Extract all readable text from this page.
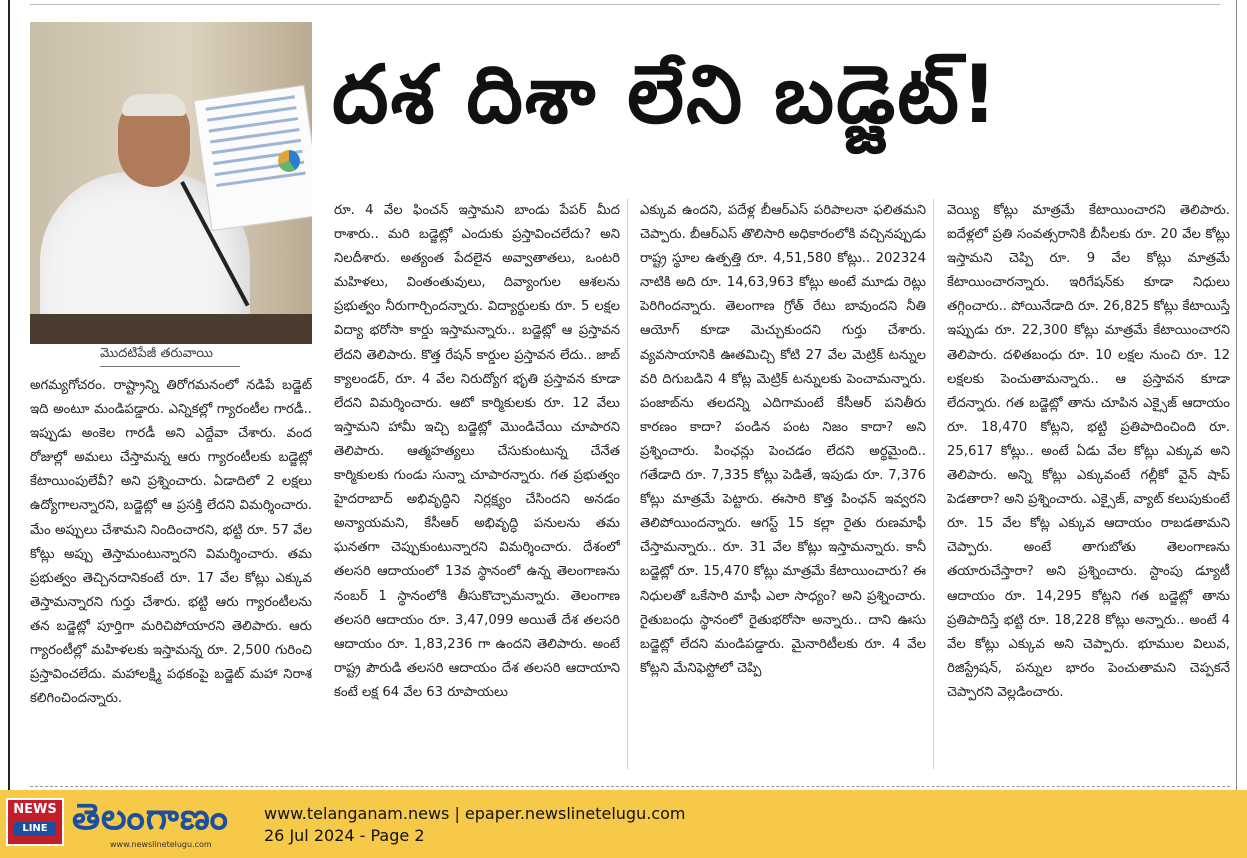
మొదటిపేజీ తరువాయి
దశ దిశా లేని బడ్జెట్!

అగమ్యగోచరం. రాష్ట్రాన్ని తిరోగమనంలో నడిపే బడ్జెట్ ఇది అంటూ మండిపడ్డారు. ఎన్నికల్లో గ్యారంటీల గారడీ.. ఇప్పుడు అంకెల గారడీ అని ఎద్దేవా చేశారు. వంద రోజుల్లో అమలు చేస్తామన్న ఆరు గ్యారంటీలకు బడ్జెట్లో కేటాయింపులేవీ? అని ప్రశ్నించారు. ఏడాదిలో 2 లక్షలు ఉద్యోగాలన్నారని, బడ్జెట్లో ఆ ప్రసక్తి లేదని విమర్శించారు. మేం అప్పులు చేశామని నిందించారని, భట్టి రూ. 57 వేల కోట్లు అప్పు తెస్తామంటున్నారని విమర్శించారు. తమ ప్రభుత్వం తెచ్చినదానికంటే రూ. 17 వేల కోట్లు ఎక్కువ తెస్తామన్నారని గుర్తు చేశారు. భట్టి ఆరు గ్యారంటీలను తన బడ్జెట్లో పూర్తిగా మరిచిపోయారని తెలిపారు. ఆరు గ్యారంటీల్లో మహిళలకు ఇస్తామన్న రూ. 2,500 గురించి ప్రస్తావించలేదు. మహాలక్ష్మి పథకంపై బడ్జెట్ మహా నిరాశ కలిగించిందన్నారు.

రూ. 4 వేల ఫించన్ ఇస్తామని బాండు పేపర్ మీద రాశారు.. మరి బడ్జెట్లో ఎందుకు ప్రస్తావించలేదు? అని నిలదీశారు. అత్యంత పేదలైన అవ్వాతాతలు, ఒంటరి మహిళలు, వింతంతువులు, దివ్యాంగుల ఆశలను ప్రభుత్వం నీరుగార్చిందన్నారు. విద్యార్థులకు రూ. 5 లక్షల విద్యా భరోసా కార్డు ఇస్తామన్నారు.. బడ్జెట్లో ఆ ప్రస్తావన లేదని తెలిపారు. కొత్త రేషన్ కార్డుల ప్రస్తావన లేదు.. జాబ్ క్యాలండర్, రూ. 4 వేల నిరుద్యోగ భృతి ప్రస్తావన కూడా లేదని విమర్శించారు. ఆటో కార్మికులకు రూ. 12 వేలు ఇస్తామని హామీ ఇచ్చి బడ్జెట్లో మొండిచేయి చూపారని తెలిపారు. ఆత్మహత్యలు చేసుకుంటున్న చేనేత కార్మికులకు గుండు సున్నా చూపారన్నారు. గత ప్రభుత్వం హైదరాబాద్ అభివృద్ధిని నిర్లక్ష్యం చేసిందని అనడం అన్యాయమని, కేసీఆర్ అభివృద్ధి పనులను తమ ఘనతగా చెప్పుకుంటున్నారని విమర్శించారు. దేశంలో తలసరి ఆదాయంలో 13వ స్థానంలో ఉన్న తెలంగాణను నంబర్ 1 స్థానంలోకి తీసుకొచ్చామన్నారు. తెలంగాణ తలసరి ఆదాయం రూ. 3,47,099 అయితే దేశ తలసరి ఆదాయం రూ. 1,83,236 గా ఉందని తెలిపారు. అంటే రాష్ట్ర పౌరుడి తలసరి ఆదాయం దేశ తలసరి ఆదాయాని కంటే లక్ష 64 వేల 63 రూపాయలు

ఎక్కువ ఉందని, పదేళ్ల బీఆర్ఎస్ పరిపాలనా ఫలితమని చెప్పారు. బీఆర్ఎస్ తొలిసారి అధికారంలోకి వచ్చినప్పుడు రాష్ట్ర స్థూల ఉత్పత్తి రూ. 4,51,580 కోట్లు.. 202324 నాటికి అది రూ. 14,63,963 కోట్లు అంటే మూడు రెట్లు పెరిగిందన్నారు. తెలంగాణ గ్రోత్ రేటు బావుందని నీతి ఆయోగ్ కూడా మెచ్చుకుందని గుర్తు చేశారు. వ్యవసాయానికి ఊతమిచ్చి కోటి 27 వేల మెట్రిక్ టన్నుల వరి దిగుబడిని 4 కోట్ల మెట్రిక్ టన్నులకు పెంచామన్నారు. పంజాబ్‌ను తలదన్ని ఎదిగామంటే కేసీఆర్ పనితీరు కారణం కాదా? పండిన పంట నిజం కాదా? అని ప్రశ్నించారు. పింఛన్లు పెంచడం లేదని అర్థమైంది.. గతేడాది రూ. 7,335 కోట్లు పెడితే, ఇపుడు రూ. 7,376 కోట్లు మాత్రమే పెట్టారు. ఈసారి కొత్త పింఛన్ ఇవ్వరని తెలిపోయిందన్నారు. ఆగస్ట్ 15 కల్లా రైతు రుణమాఫీ చేస్తామన్నారు.. రూ. 31 వేల కోట్లు ఇస్తామన్నారు. కానీ బడ్జెట్లో రూ. 15,470 కోట్లు మాత్రమే కేటాయించారు? ఈ నిధులతో ఒకేసారి మాఫీ ఎలా సాధ్యం? అని ప్రశ్నించారు. రైతుబంధు స్థానంలో రైతుభరోసా అన్నారు.. దాని ఊసు బడ్జెట్లో లేదని మండిపడ్డారు. మైనారిటీలకు రూ. 4 వేల కోట్లని మేనిఫెస్టోలో చెప్పి

వెయ్యి కోట్లు మాత్రమే కేటాయించారని తెలిపారు. ఐదేళ్లలో ప్రతి సంవత్సరానికి బీసీలకు రూ. 20 వేల కోట్లు ఇస్తామని చెప్పి రూ. 9 వేల కోట్లు మాత్రమే కేటాయించారన్నారు. ఇరిగేషన్‌కు కూడా నిధులు తగ్గించారు.. పోయినేడాది రూ. 26,825 కోట్లు కేటాయిస్తే ఇప్పుడు రూ. 22,300 కోట్లు మాత్రమే కేటాయించారని తెలిపారు. దళితబంధు రూ. 10 లక్షల నుంచి రూ. 12 లక్షలకు పెంచుతామన్నారు.. ఆ ప్రస్తావన కూడా లేదన్నారు. గత బడ్జెట్లో తాను చూపిన ఎక్సైజ్ ఆదాయం రూ. 18,470 కోట్లని, భట్టి ప్రతిపాదించింది రూ. 25,617 కోట్లు.. అంటే ఏడు వేల కోట్లు ఎక్కువ అని తెలిపారు. అన్ని కోట్లు ఎక్కువంటే గల్లీకో వైన్ షాప్ పెడతారా? అని ప్రశ్నించారు. ఎక్సైజ్, వ్యాట్ కలుపుకుంటే రూ. 15 వేల కోట్ల ఎక్కువ ఆదాయం రాబడతామని చెప్పారు. అంటే తాగుబోతు తెలంగాణను తయారుచేస్తారా? అని ప్రశ్నించారు. స్టాంపు డ్యూటీ ఆదాయం రూ. 14,295 కోట్లని గత బడ్జెట్లో తాను ప్రతిపాదిస్తే భట్టి రూ. 18,228 కోట్లు అన్నారు.. అంటే 4 వేల కోట్లు ఎక్కువ అని చెప్పారు. భూముల విలువ, రిజిస్ట్రేషన్, పన్నుల భారం పెంచుతామని చెప్పకనే చెప్పారని వెల్లడించారు.

NEWS
LINE తెలంగాణం
www.newslinetelugu.com
www.telanganam.news | epaper.newslinetelugu.com
26 Jul 2024 - Page 2
